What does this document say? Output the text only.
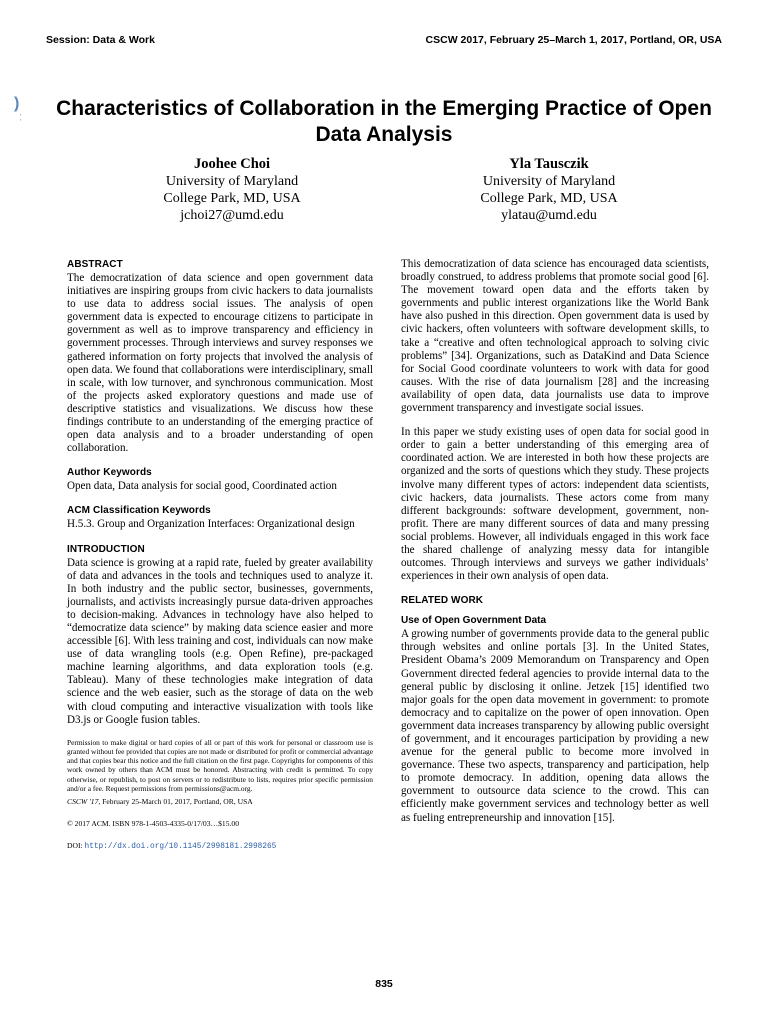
Session: Data & Work	CSCW 2017, February 25–March 1, 2017, Portland, OR, USA
)
▪
▪	Characteristics of Collaboration in the Emerging Practice of Open Data Analysis
Joohee Choi
University of Maryland
College Park, MD, USA
jchoi27@umd.edu
Yla Tausczik
University of Maryland
College Park, MD, USA
ylatau@umd.edu
ABSTRACT

The democratization of data science and open government data initiatives are inspiring groups from civic hackers to data journalists to use data to address social issues. The analysis of open government data is expected to encourage citizens to participate in government as well as to improve transparency and efficiency in government processes. Through interviews and survey responses we gathered information on forty projects that involved the analysis of open data. We found that collaborations were interdisciplinary, small in scale, with low turnover, and synchronous communication. Most of the projects asked exploratory questions and made use of descriptive statistics and visualizations. We discuss how these findings contribute to an understanding of the emerging practice of open data analysis and to a broader understanding of open collaboration.

Author Keywords

Open data, Data analysis for social good, Coordinated action

ACM Classification Keywords

H.5.3. Group and Organization Interfaces: Organizational design

INTRODUCTION

Data science is growing at a rapid rate, fueled by greater availability of data and advances in the tools and techniques used to analyze it. In both industry and the public sector, businesses, governments, journalists, and activists increasingly pursue data-driven approaches to decision-making. Advances in technology have also helped to “democratize data science” by making data science easier and more accessible [6]. With less training and cost, individuals can now make use of data wrangling tools (e.g. Open Refine), pre-packaged machine learning algorithms, and data exploration tools (e.g. Tableau). Many of these technologies make integration of data science and the web easier, such as the storage of data on the web with cloud computing and interactive visualization with tools like D3.js or Google fusion tables.

Permission to make digital or hard copies of all or part of this work for personal or classroom use is granted without fee provided that copies are not made or distributed for profit or commercial advantage and that copies bear this notice and the full citation on the first page. Copyrights for components of this work owned by others than ACM must be honored. Abstracting with credit is permitted. To copy otherwise, or republish, to post on servers or to redistribute to lists, requires prior specific permission and/or a fee. Request permissions from permissions@acm.org.

CSCW '17, February 25-March 01, 2017, Portland, OR, USA

© 2017 ACM. ISBN 978-1-4503-4335-0/17/03…$15.00

DOI: http://dx.doi.org/10.1145/2998181.2998265

This democratization of data science has encouraged data scientists, broadly construed, to address problems that promote social good [6]. The movement toward open data and the efforts taken by governments and public interest organizations like the World Bank have also pushed in this direction. Open government data is used by civic hackers, often volunteers with software development skills, to take a “creative and often technological approach to solving civic problems” [34]. Organizations, such as DataKind and Data Science for Social Good coordinate volunteers to work with data for good causes. With the rise of data journalism [28] and the increasing availability of open data, data journalists use data to improve government transparency and investigate social issues.

In this paper we study existing uses of open data for social good in order to gain a better understanding of this emerging area of coordinated action. We are interested in both how these projects are organized and the sorts of questions which they study. These projects involve many different types of actors: independent data scientists, civic hackers, data journalists. These actors come from many different backgrounds: software development, government, non-profit. There are many different sources of data and many pressing social problems. However, all individuals engaged in this work face the shared challenge of analyzing messy data for intangible outcomes. Through interviews and surveys we gather individuals’ experiences in their own analysis of open data.

RELATED WORK
Use of Open Government Data

A growing number of governments provide data to the general public through websites and online portals [3]. In the United States, President Obama’s 2009 Memorandum on Transparency and Open Government directed federal agencies to provide internal data to the general public by disclosing it online. Jetzek [15] identified two major goals for the open data movement in government: to promote democracy and to capitalize on the power of open innovation. Open government data increases transparency by allowing public oversight of government, and it encourages participation by providing a new avenue for the general public to become more involved in governance. These two aspects, transparency and participation, help to promote democracy. In addition, opening data allows the government to outsource data science to the crowd. This can efficiently make government services and technology better as well as fueling entrepreneurship and innovation [15].

835
